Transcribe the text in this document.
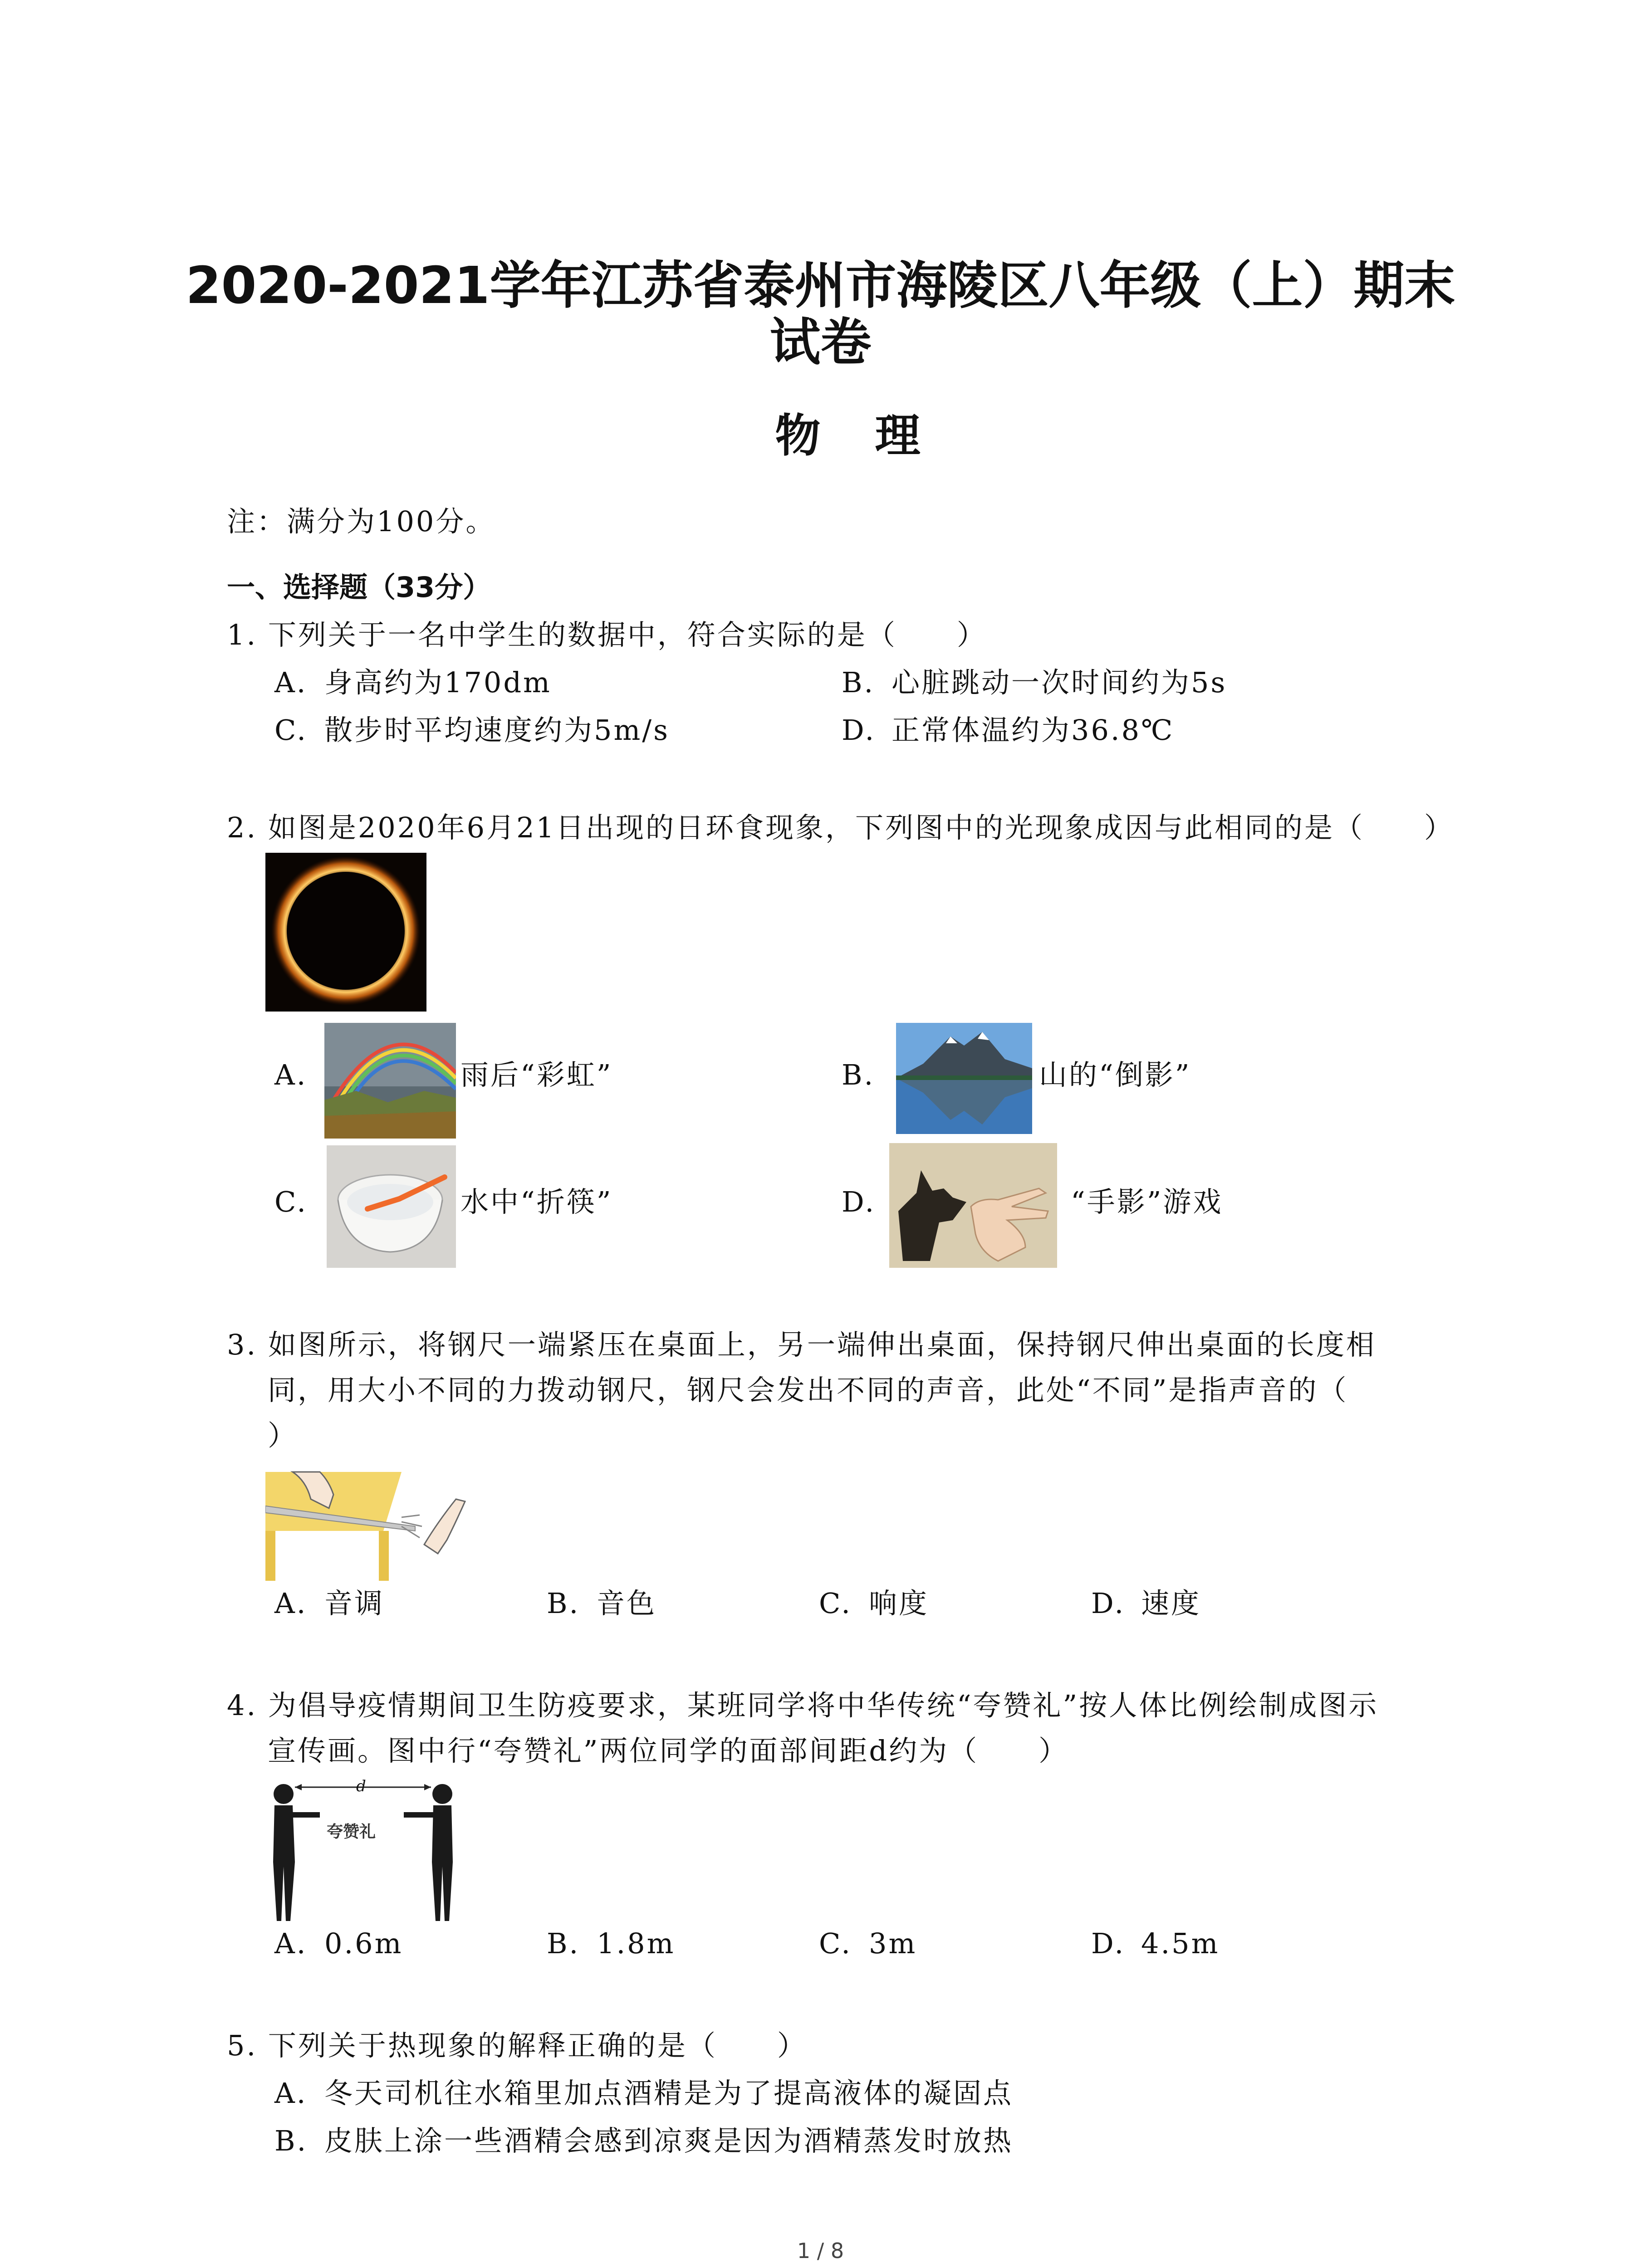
2020-2021学年江苏省泰州市海陵区八年级（上）期末
试卷
物理
注：满分为100分。
一、选择题（33分）
1. 下列关于一名中学生的数据中，符合实际的是（　　）
A. 身高约为170dm	B. 心脏跳动一次时间约为5s
C. 散步时平均速度约为5m/s	D. 正常体温约为36.8℃
2. 如图是2020年6月21日出现的日环食现象，下列图中的光现象成因与此相同的是（　　）
A.	雨后“彩虹”	B.	山的“倒影”
C.	水中“折筷”	D.	“手影”游戏
3. 如图所示，将钢尺一端紧压在桌面上，另一端伸出桌面，保持钢尺伸出桌面的长度相
同，用大小不同的力拨动钢尺，钢尺会发出不同的声音，此处“不同”是指声音的（
）
A. 音调	B. 音色	C. 响度	D. 速度
4. 为倡导疫情期间卫生防疫要求，某班同学将中华传统“夸赞礼”按人体比例绘制成图示
宣传画。图中行“夸赞礼”两位同学的面部间距d约为（　　）
d
夸赞礼
A. 0.6m	B. 1.8m	C. 3m	D. 4.5m
5. 下列关于热现象的解释正确的是（　　）
A. 冬天司机往水箱里加点酒精是为了提高液体的凝固点
B. 皮肤上涂一些酒精会感到凉爽是因为酒精蒸发时放热
1 / 8
